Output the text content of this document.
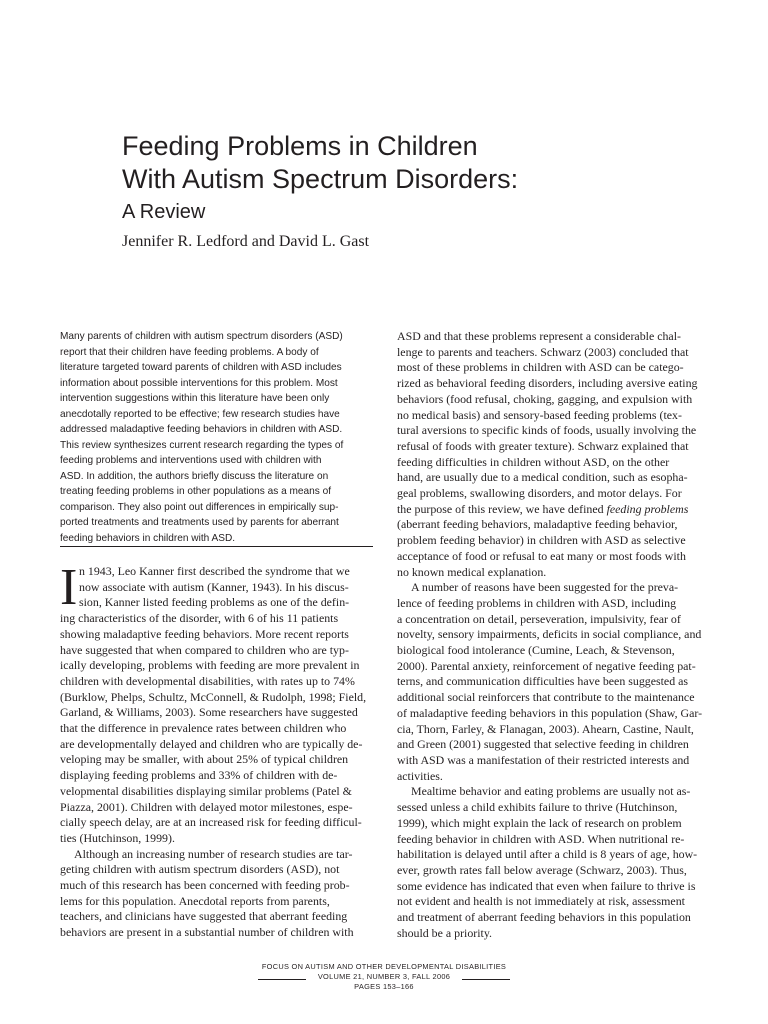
Feeding Problems in Children
With Autism Spectrum Disorders:
A Review
Jennifer R. Ledford and David L. Gast
Many parents of children with autism spectrum disorders (ASD)
report that their children have feeding problems. A body of
literature targeted toward parents of children with ASD includes
information about possible interventions for this problem. Most
intervention suggestions within this literature have been only
anecdotally reported to be effective; few research studies have
addressed maladaptive feeding behaviors in children with ASD.
This review synthesizes current research regarding the types of
feeding problems and interventions used with children with
ASD. In addition, the authors briefly discuss the literature on
treating feeding problems in other populations as a means of
comparison. They also point out differences in empirically sup-
ported treatments and treatments used by parents for aberrant
feeding behaviors in children with ASD.
I n 1943, Leo Kanner first described the syndrome that we
now associate with autism (Kanner, 1943). In his discus-
sion, Kanner listed feeding problems as one of the defin-
ing characteristics of the disorder, with 6 of his 11 patients
showing maladaptive feeding behaviors. More recent reports
have suggested that when compared to children who are typ-
ically developing, problems with feeding are more prevalent in
children with developmental disabilities, with rates up to 74%
(Burklow, Phelps, Schultz, McConnell, & Rudolph, 1998; Field,
Garland, & Williams, 2003). Some researchers have suggested
that the difference in prevalence rates between children who
are developmentally delayed and children who are typically de-
veloping may be smaller, with about 25% of typical children
displaying feeding problems and 33% of children with de-
velopmental disabilities displaying similar problems (Patel &
Piazza, 2001). Children with delayed motor milestones, espe-
cially speech delay, are at an increased risk for feeding difficul-
ties (Hutchinson, 1999).
Although an increasing number of research studies are tar-
geting children with autism spectrum disorders (ASD), not
much of this research has been concerned with feeding prob-
lems for this population. Anecdotal reports from parents,
teachers, and clinicians have suggested that aberrant feeding
behaviors are present in a substantial number of children with
ASD and that these problems represent a considerable chal-
lenge to parents and teachers. Schwarz (2003) concluded that
most of these problems in children with ASD can be catego-
rized as behavioral feeding disorders, including aversive eating
behaviors (food refusal, choking, gagging, and expulsion with
no medical basis) and sensory-based feeding problems (tex-
tural aversions to specific kinds of foods, usually involving the
refusal of foods with greater texture). Schwarz explained that
feeding difficulties in children without ASD, on the other
hand, are usually due to a medical condition, such as esopha-
geal problems, swallowing disorders, and motor delays. For
the purpose of this review, we have defined feeding problems
(aberrant feeding behaviors, maladaptive feeding behavior,
problem feeding behavior) in children with ASD as selective
acceptance of food or refusal to eat many or most foods with
no known medical explanation.
A number of reasons have been suggested for the preva-
lence of feeding problems in children with ASD, including
a concentration on detail, perseveration, impulsivity, fear of
novelty, sensory impairments, deficits in social compliance, and
biological food intolerance (Cumine, Leach, & Stevenson,
2000). Parental anxiety, reinforcement of negative feeding pat-
terns, and communication difficulties have been suggested as
additional social reinforcers that contribute to the maintenance
of maladaptive feeding behaviors in this population (Shaw, Gar-
cia, Thorn, Farley, & Flanagan, 2003). Ahearn, Castine, Nault,
and Green (2001) suggested that selective feeding in children
with ASD was a manifestation of their restricted interests and
activities.
Mealtime behavior and eating problems are usually not as-
sessed unless a child exhibits failure to thrive (Hutchinson,
1999), which might explain the lack of research on problem
feeding behavior in children with ASD. When nutritional re-
habilitation is delayed until after a child is 8 years of age, how-
ever, growth rates fall below average (Schwarz, 2003). Thus,
some evidence has indicated that even when failure to thrive is
not evident and health is not immediately at risk, assessment
and treatment of aberrant feeding behaviors in this population
should be a priority.
FOCUS ON AUTISM AND OTHER DEVELOPMENTAL DISABILITIES
VOLUME 21, NUMBER 3, FALL 2006
PAGES 153–166
